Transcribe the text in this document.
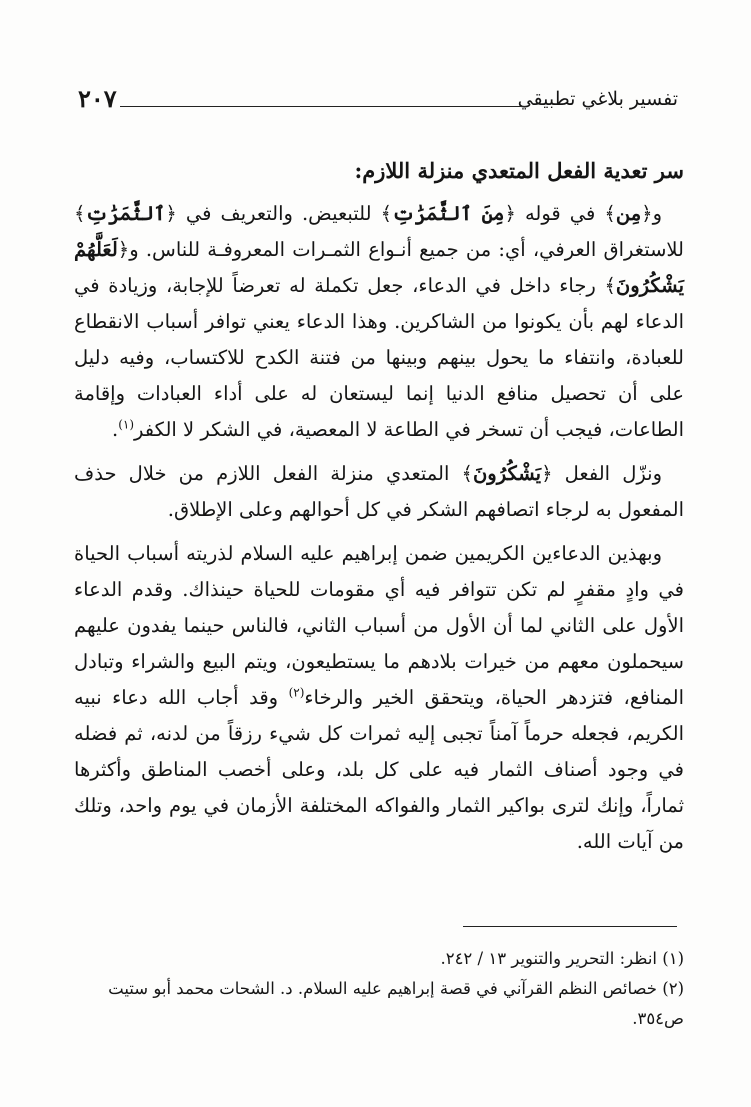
تفسير بلاغي تطبيقي
٢٠٧
سر تعدية الفعل المتعدي منزلة اللازم:

و﴿مِن﴾ في قوله ﴿مِنَ ٱلثَّمَرَٰتِ﴾ للتبعيض. والتعريف في ﴿ٱلثَّمَرَٰتِ﴾ للاستغراق العرفي، أي: من جميع أنـواع الثمـرات المعروفـة للناس. و﴿لَعَلَّهُمْ يَشْكُرُونَ﴾ رجاء داخل في الدعاء، جعل تكملة له تعرضاً للإجابة، وزيادة في الدعاء لهم بأن يكونوا من الشاكرين. وهذا الدعاء يعني توافر أسباب الانقطاع للعبادة، وانتفاء ما يحول بينهم وبينها من فتنة الكدح للاكتساب، وفيه دليل على أن تحصيل منافع الدنيا إنما ليستعان له على أداء العبادات وإقامة الطاعات، فيجب أن تسخر في الطاعة لا المعصية، في الشكر لا الكفر$^{(١)}$.

ونزّل الفعل ﴿يَشْكُرُونَ﴾ المتعدي منزلة الفعل اللازم من خلال حذف المفعول به لرجاء اتصافهم الشكر في كل أحوالهم وعلى الإطلاق.

وبهذين الدعاءين الكريمين ضمن إبراهيم عليه السلام لذريته أسباب الحياة في وادٍ مقفرٍ لم تكن تتوافر فيه أي مقومات للحياة حينذاك. وقدم الدعاء الأول على الثاني لما أن الأول من أسباب الثاني، فالناس حينما يفدون عليهم سيحملون معهم من خيرات بلادهم ما يستطيعون، ويتم البيع والشراء وتبادل المنافع، فتزدهر الحياة، ويتحقق الخير والرخاء$^{(٢)}$ وقد أجاب الله دعاء نبيه الكريم، فجعله حرماً آمناً تجبى إليه ثمرات كل شيء رزقاً من لدنه، ثم فضله في وجود أصناف الثمار فيه على كل بلد، وعلى أخصب المناطق وأكثرها ثماراً، وإنك لترى بواكير الثمار والفواكه المختلفة الأزمان في يوم واحد، وتلك من آيات الله.

(١) انظر: التحرير والتنوير ١٣ / ٢٤٢.

(٢) خصائص النظم القرآني في قصة إبراهيم عليه السلام. د. الشحات محمد أبو ستيت ص٣٥٤.
